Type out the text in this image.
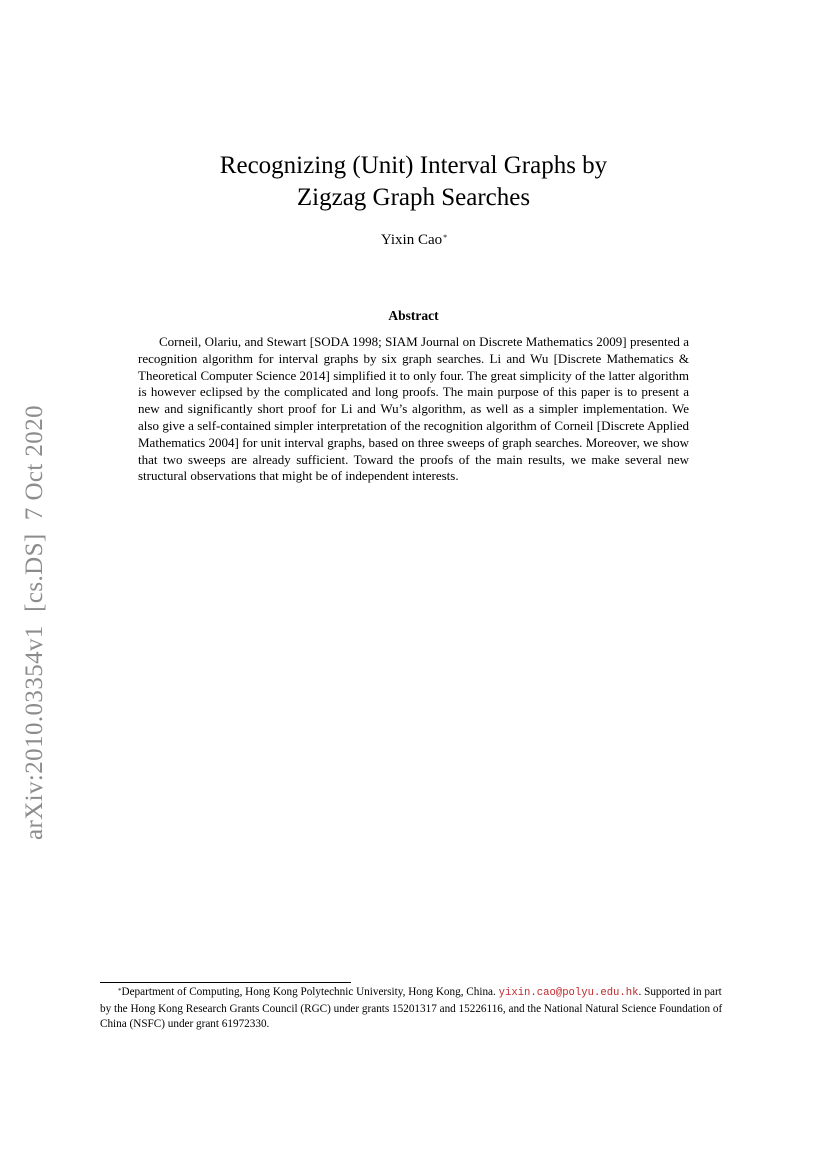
Recognizing (Unit) Interval Graphs by
Zigzag Graph Searches
Yixin Cao*
Abstract

Corneil, Olariu, and Stewart [SODA 1998; SIAM Journal on Discrete Mathematics 2009] presented a recognition algorithm for interval graphs by six graph searches. Li and Wu [Discrete Mathematics & Theoretical Computer Science 2014] simplified it to only four. The great simplicity of the latter algorithm is however eclipsed by the complicated and long proofs. The main purpose of this paper is to present a new and significantly short proof for Li and Wu’s algorithm, as well as a simpler implementation. We also give a self-contained simpler interpretation of the recognition algorithm of Corneil [Discrete Applied Mathematics 2004] for unit interval graphs, based on three sweeps of graph searches. Moreover, we show that two sweeps are already sufficient. Toward the proofs of the main results, we make several new structural observations that might be of independent interests.

arXiv:2010.03354v1  [cs.DS]  7 Oct 2020

*Department of Computing, Hong Kong Polytechnic University, Hong Kong, China. yixin.cao@polyu.edu.hk. Supported in part by the Hong Kong Research Grants Council (RGC) under grants 15201317 and 15226116, and the National Natural Science Foundation of China (NSFC) under grant 61972330.
